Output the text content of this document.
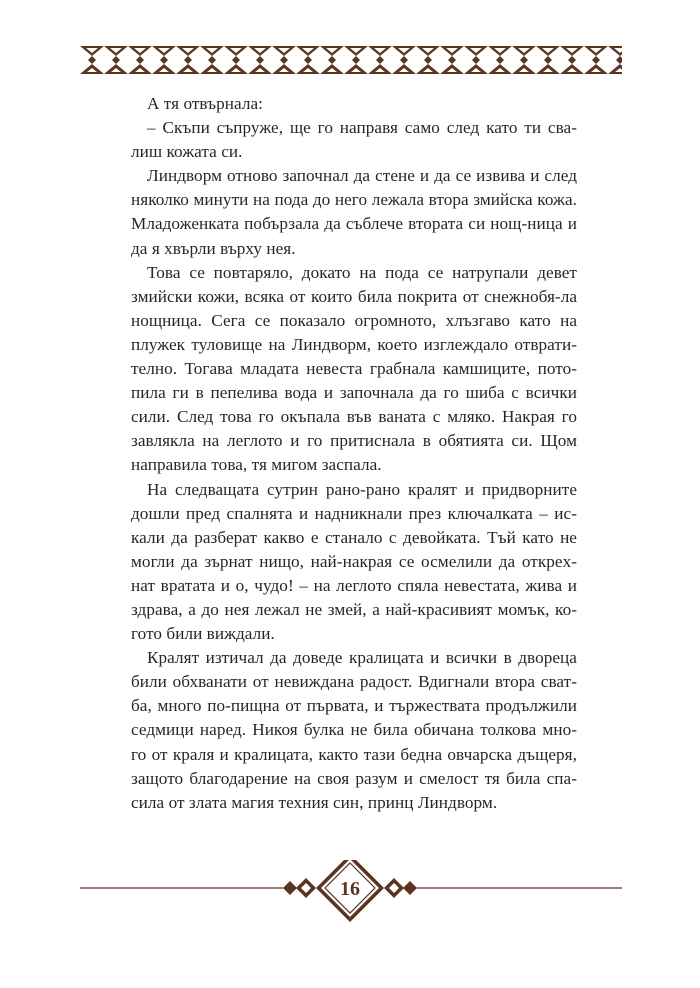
А тя отвърнала:

– Скъпи съпруже, ще го направя само след като ти сва-лиш кожата си.

Линдворм отново започнал да стене и да се извива и след няколко минути на пода до него лежала втора змийска кожа. Младоженката побързала да съблече втората си нощ-ница и да я хвърли върху нея.

Това се повтаряло, докато на пода се натрупали девет змийски кожи, всяка от които била покрита от снежнобя-ла нощница. Сега се показало огромното, хлъзгаво като на плужек туловище на Линдворм, което изглеждало отврати-телно. Тогава младата невеста грабнала камшиците, пото-пила ги в пепелива вода и започнала да го шиба с всички сили. След това го окъпала във ваната с мляко. Накрая го завлякла на леглото и го притиснала в обятията си. Щом направила това, тя мигом заспала.

На следващата сутрин рано-рано кралят и придворните дошли пред спалнята и надникнали през ключалката – ис-кали да разберат какво е станало с девойката. Тъй като не могли да зърнат нищо, най-накрая се осмелили да откреx-нат вратата и о, чудо! – на леглото спяла невестата, жива и здрава, а до нея лежал не змей, а най-красивият момък, ко-гото били виждали.

Кралят изтичал да доведе кралицата и всички в двореца били обхванати от невиждана радост. Вдигнали втора сват-ба, много по-пищна от първата, и тържествата продължили седмици наред. Никоя булка не била обичана толкова мно-го от краля и кралицата, както тази бедна овчарска дъщеря, защото благодарение на своя разум и смелост тя била спа-сила от злата магия техния син, принц Линдворм.

16
